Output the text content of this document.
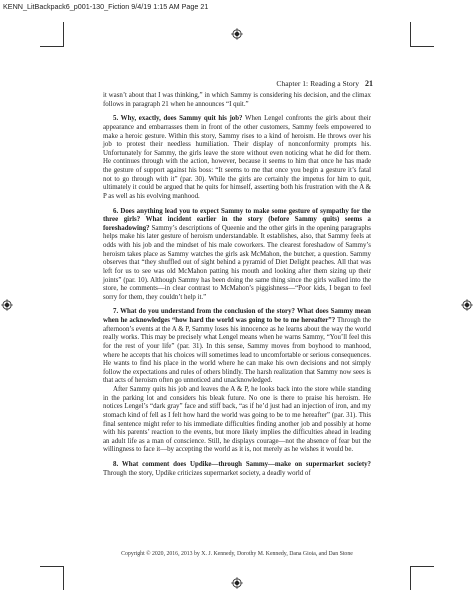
KENN_LitBackpack6_p001-130_Fiction 9/4/19 1:15 AM Page 21
Chapter 1: Reading a Story 21

it wasn’t about that I was thinking,” in which Sammy is considering his decision, and the climax follows in paragraph 21 when he announces “I quit.”

5. Why, exactly, does Sammy quit his job? When Lengel confronts the girls about their appearance and embarrasses them in front of the other customers, Sammy feels empowered to make a heroic gesture. Within this story, Sammy rises to a kind of heroism. He throws over his job to protest their needless humiliation. Their display of nonconformity prompts his. Unfortunately for Sammy, the girls leave the store without even noticing what he did for them. He continues through with the action, however, because it seems to him that once he has made the gesture of support against his boss: “It seems to me that once you begin a gesture it’s fatal not to go through with it” (par. 30). While the girls are certainly the impetus for him to quit, ultimately it could be argued that he quits for himself, asserting both his frustration with the A & P as well as his evolving manhood.

6. Does anything lead you to expect Sammy to make some gesture of sympathy for the three girls? What incident earlier in the story (before Sammy quits) seems a foreshadowing? Sammy’s descriptions of Queenie and the other girls in the opening paragraphs helps make his later gesture of heroism understandable. It establishes, also, that Sammy feels at odds with his job and the mindset of his male coworkers. The clearest foreshadow of Sammy’s heroism takes place as Sammy watches the girls ask McMahon, the butcher, a question. Sammy observes that “they shuffled out of sight behind a pyramid of Diet Delight peaches. All that was left for us to see was old McMahon patting his mouth and looking after them sizing up their joints” (par. 10). Although Sammy has been doing the same thing since the girls walked into the store, he comments—in clear contrast to McMahon’s piggishness—“Poor kids, I began to feel sorry for them, they couldn’t help it.”

7. What do you understand from the conclusion of the story? What does Sammy mean when he acknowledges “how hard the world was going to be to me hereafter”? Through the afternoon’s events at the A & P, Sammy loses his innocence as he learns about the way the world really works. This may be precisely what Lengel means when he warns Sammy, “You’ll feel this for the rest of your life” (par. 31). In this sense, Sammy moves from boyhood to manhood, where he accepts that his choices will sometimes lead to uncomfortable or serious consequences. He wants to find his place in the world where he can make his own decisions and not simply follow the expectations and rules of others blindly. The harsh realization that Sammy now sees is that acts of heroism often go unnoticed and unacknowledged.

After Sammy quits his job and leaves the A & P, he looks back into the store while standing in the parking lot and considers his bleak future. No one is there to praise his heroism. He notices Lengel’s “dark gray” face and stiff back, “as if he’d just had an injection of iron, and my stomach kind of fell as I felt how hard the world was going to be to me hereafter” (par. 31). This final sentence might refer to his immediate difficulties finding another job and possibly at home with his parents’ reaction to the events, but more likely implies the difficulties ahead in leading an adult life as a man of conscience. Still, he displays courage—not the absence of fear but the willingness to face it—by accepting the world as it is, not merely as he wishes it would be.

8. What comment does Updike—through Sammy—make on supermarket society? Through the story, Updike criticizes supermarket society, a deadly world of

Copyright © 2020, 2016, 2013 by X. J. Kennedy, Dorothy M. Kennedy, Dana Gioia, and Dan Stone
